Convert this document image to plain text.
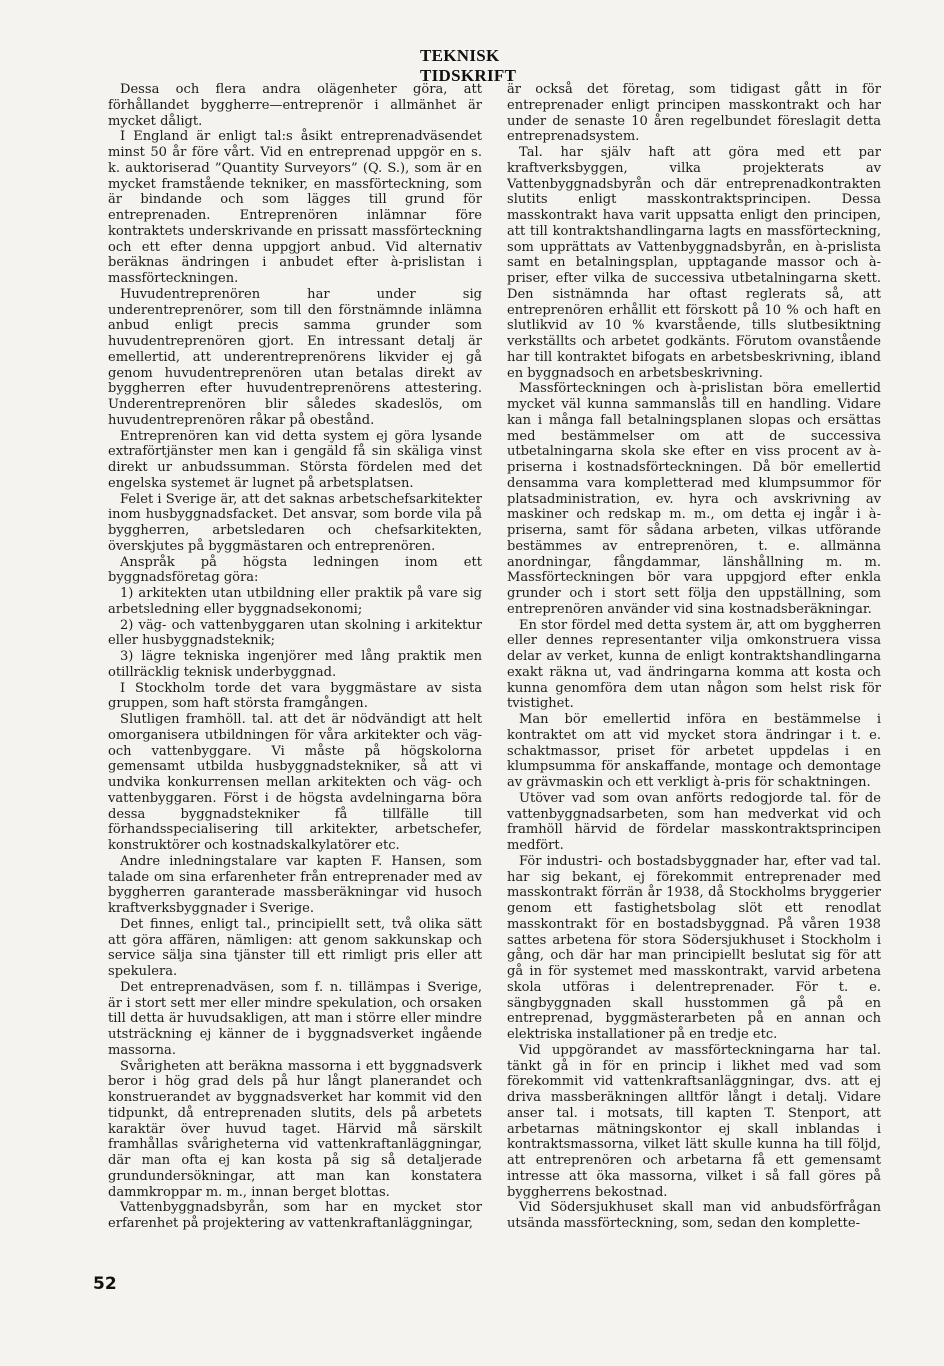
TEKNISK TIDSKRIFT

Dessa och flera andra olägenheter göra, att förhållandet byggherre—entreprenör i allmänhet är mycket dåligt.

I England är enligt tal:s åsikt entreprenadväsendet minst 50 år före vårt. Vid en entreprenad uppgör en s. k. auktoriserad ”Quantity Surveyors” (Q. S.), som är en mycket framstående tekniker, en massförteckning, som är bindande och som lägges till grund för entreprenaden. Entreprenören inlämnar före kontraktets underskrivande en prissatt massförteckning och ett efter denna uppgjort anbud. Vid alternativ beräknas ändringen i anbudet efter à-prislistan i massförteckningen.

Huvudentreprenören har under sig underentreprenörer, som till den förstnämnde inlämna anbud enligt precis samma grunder som huvudentreprenören gjort. En intressant detalj är emellertid, att underentreprenörens likvider ej gå genom huvudentreprenören utan betalas direkt av byggherren efter huvudentreprenörens attestering. Underentreprenören blir således skadeslös, om huvudentreprenören råkar på obestånd.

Entreprenören kan vid detta system ej göra lysande extraförtjänster men kan i gengäld få sin skäliga vinst direkt ur anbudssumman. Största fördelen med det engelska systemet är lugnet på arbetsplatsen.

Felet i Sverige är, att det saknas arbetschefsarkitekter inom husbyggnadsfacket. Det ansvar, som borde vila på byggherren, arbetsledaren och chefsarkitekten, överskjutes på byggmästaren och entreprenören.

Anspråk på högsta ledningen inom ett byggnadsföretag göra:

1) arkitekten utan utbildning eller praktik på vare sig arbetsledning eller byggnadsekonomi;

2) väg- och vattenbyggaren utan skolning i arkitektur eller husbyggnadsteknik;

3) lägre tekniska ingenjörer med lång praktik men otillräcklig teknisk underbyggnad.

I Stockholm torde det vara byggmästare av sista gruppen, som haft största framgången.

Slutligen framhöll. tal. att det är nödvändigt att helt omorganisera utbildningen för våra arkitekter och väg- och vattenbyggare. Vi måste på högskolorna gemensamt utbilda husbyggnadstekniker, så att vi undvika konkurrensen mellan arkitekten och väg- och vattenbyggaren. Först i de högsta avdelningarna böra dessa byggnadstekniker få tillfälle till förhandsspecialisering till arkitekter, arbetschefer, konstruktörer och kostnadskalkylatörer etc.

Andre inledningstalare var kapten F. Hansen, som talade om sina erfarenheter från entreprenader med av byggherren garanterade massberäkningar vid husoch kraftverksbyggnader i Sverige.

Det finnes, enligt tal., principiellt sett, två olika sätt att göra affären, nämligen: att genom sakkunskap och service sälja sina tjänster till ett rimligt pris eller att spekulera.

Det entreprenadväsen, som f. n. tillämpas i Sverige, är i stort sett mer eller mindre spekulation, och orsaken till detta är huvudsakligen, att man i större eller mindre utsträckning ej känner de i byggnadsverket ingående massorna.

Svårigheten att beräkna massorna i ett byggnadsverk beror i hög grad dels på hur långt planerandet och konstruerandet av byggnadsverket har kommit vid den tidpunkt, då entreprenaden slutits, dels på arbetets karaktär över huvud taget. Härvid må särskilt framhållas svårigheterna vid vattenkraftanläggningar, där man ofta ej kan kosta på sig så detaljerade grundundersökningar, att man kan konstatera dammkroppar m. m., innan berget blottas.

Vattenbyggnadsbyrån, som har en mycket stor erfarenhet på projektering av vattenkraftanläggningar,

är också det företag, som tidigast gått in för entreprenader enligt principen masskontrakt och har under de senaste 10 åren regelbundet föreslagit detta entreprenadsystem.

Tal. har själv haft att göra med ett par kraftverksbyggen, vilka projekterats av Vattenbyggnadsbyrån och där entreprenadkontrakten slutits enligt masskontraktsprincipen. Dessa masskontrakt hava varit uppsatta enligt den principen, att till kontraktshandlingarna lagts en massförteckning, som upprättats av Vattenbyggnadsbyrån, en à-prislista samt en betalningsplan, upptagande massor och à-priser, efter vilka de successiva utbetalningarna skett. Den sistnämnda har oftast reglerats så, att entreprenören erhållit ett förskott på 10 % och haft en slutlikvid av 10 % kvarstående, tills slutbesiktning verkställts och arbetet godkänts. Förutom ovanstående har till kontraktet bifogats en arbetsbeskrivning, ibland en byggnadsoch en arbetsbeskrivning.

Massförteckningen och à-prislistan böra emellertid mycket väl kunna sammanslås till en handling. Vidare kan i många fall betalningsplanen slopas och ersättas med bestämmelser om att de successiva utbetalningarna skola ske efter en viss procent av à-priserna i kostnadsförteckningen. Då bör emellertid densamma vara kompletterad med klumpsummor för platsadministration, ev. hyra och avskrivning av maskiner och redskap m. m., om detta ej ingår i à-priserna, samt för sådana arbeten, vilkas utförande bestämmes av entreprenören, t. e. allmänna anordningar, fångdammar, länshållning m. m. Massförteckningen bör vara uppgjord efter enkla grunder och i stort sett följa den uppställning, som entreprenören använder vid sina kostnadsberäkningar.

En stor fördel med detta system är, att om byggherren eller dennes representanter vilja omkonstruera vissa delar av verket, kunna de enligt kontraktshandlingarna exakt räkna ut, vad ändringarna komma att kosta och kunna genomföra dem utan någon som helst risk för tvistighet.

Man bör emellertid införa en bestämmelse i kontraktet om att vid mycket stora ändringar i t. e. schaktmassor, priset för arbetet uppdelas i en klumpsumma för anskaffande, montage och demontage av grävmaskin och ett verkligt à-pris för schaktningen.

Utöver vad som ovan anförts redogjorde tal. för de vattenbyggnadsarbeten, som han medverkat vid och framhöll härvid de fördelar masskontraktsprincipen medfört.

För industri- och bostadsbyggnader har, efter vad tal. har sig bekant, ej förekommit entreprenader med masskontrakt förrän år 1938, då Stockholms bryggerier genom ett fastighetsbolag slöt ett renodlat masskontrakt för en bostadsbyggnad. På våren 1938 sattes arbetena för stora Södersjukhuset i Stockholm i gång, och där har man principiellt beslutat sig för att gå in för systemet med masskontrakt, varvid arbetena skola utföras i delentreprenader. För t. e. sängbyggnaden skall husstommen gå på en entreprenad, byggmästerarbeten på en annan och elektriska installationer på en tredje etc.

Vid uppgörandet av massförteckningarna har tal. tänkt gå in för en princip i likhet med vad som förekommit vid vattenkraftsanläggningar, dvs. att ej driva massberäkningen alltför långt i detalj. Vidare anser tal. i motsats, till kapten T. Stenport, att arbetarnas mätningskontor ej skall inblandas i kontraktsmassorna, vilket lätt skulle kunna ha till följd, att entreprenören och arbetarna få ett gemensamt intresse att öka massorna, vilket i så fall göres på byggherrens bekostnad.

Vid Södersjukhuset skall man vid anbudsförfrågan utsända massförteckning, som, sedan den komplette-

52
